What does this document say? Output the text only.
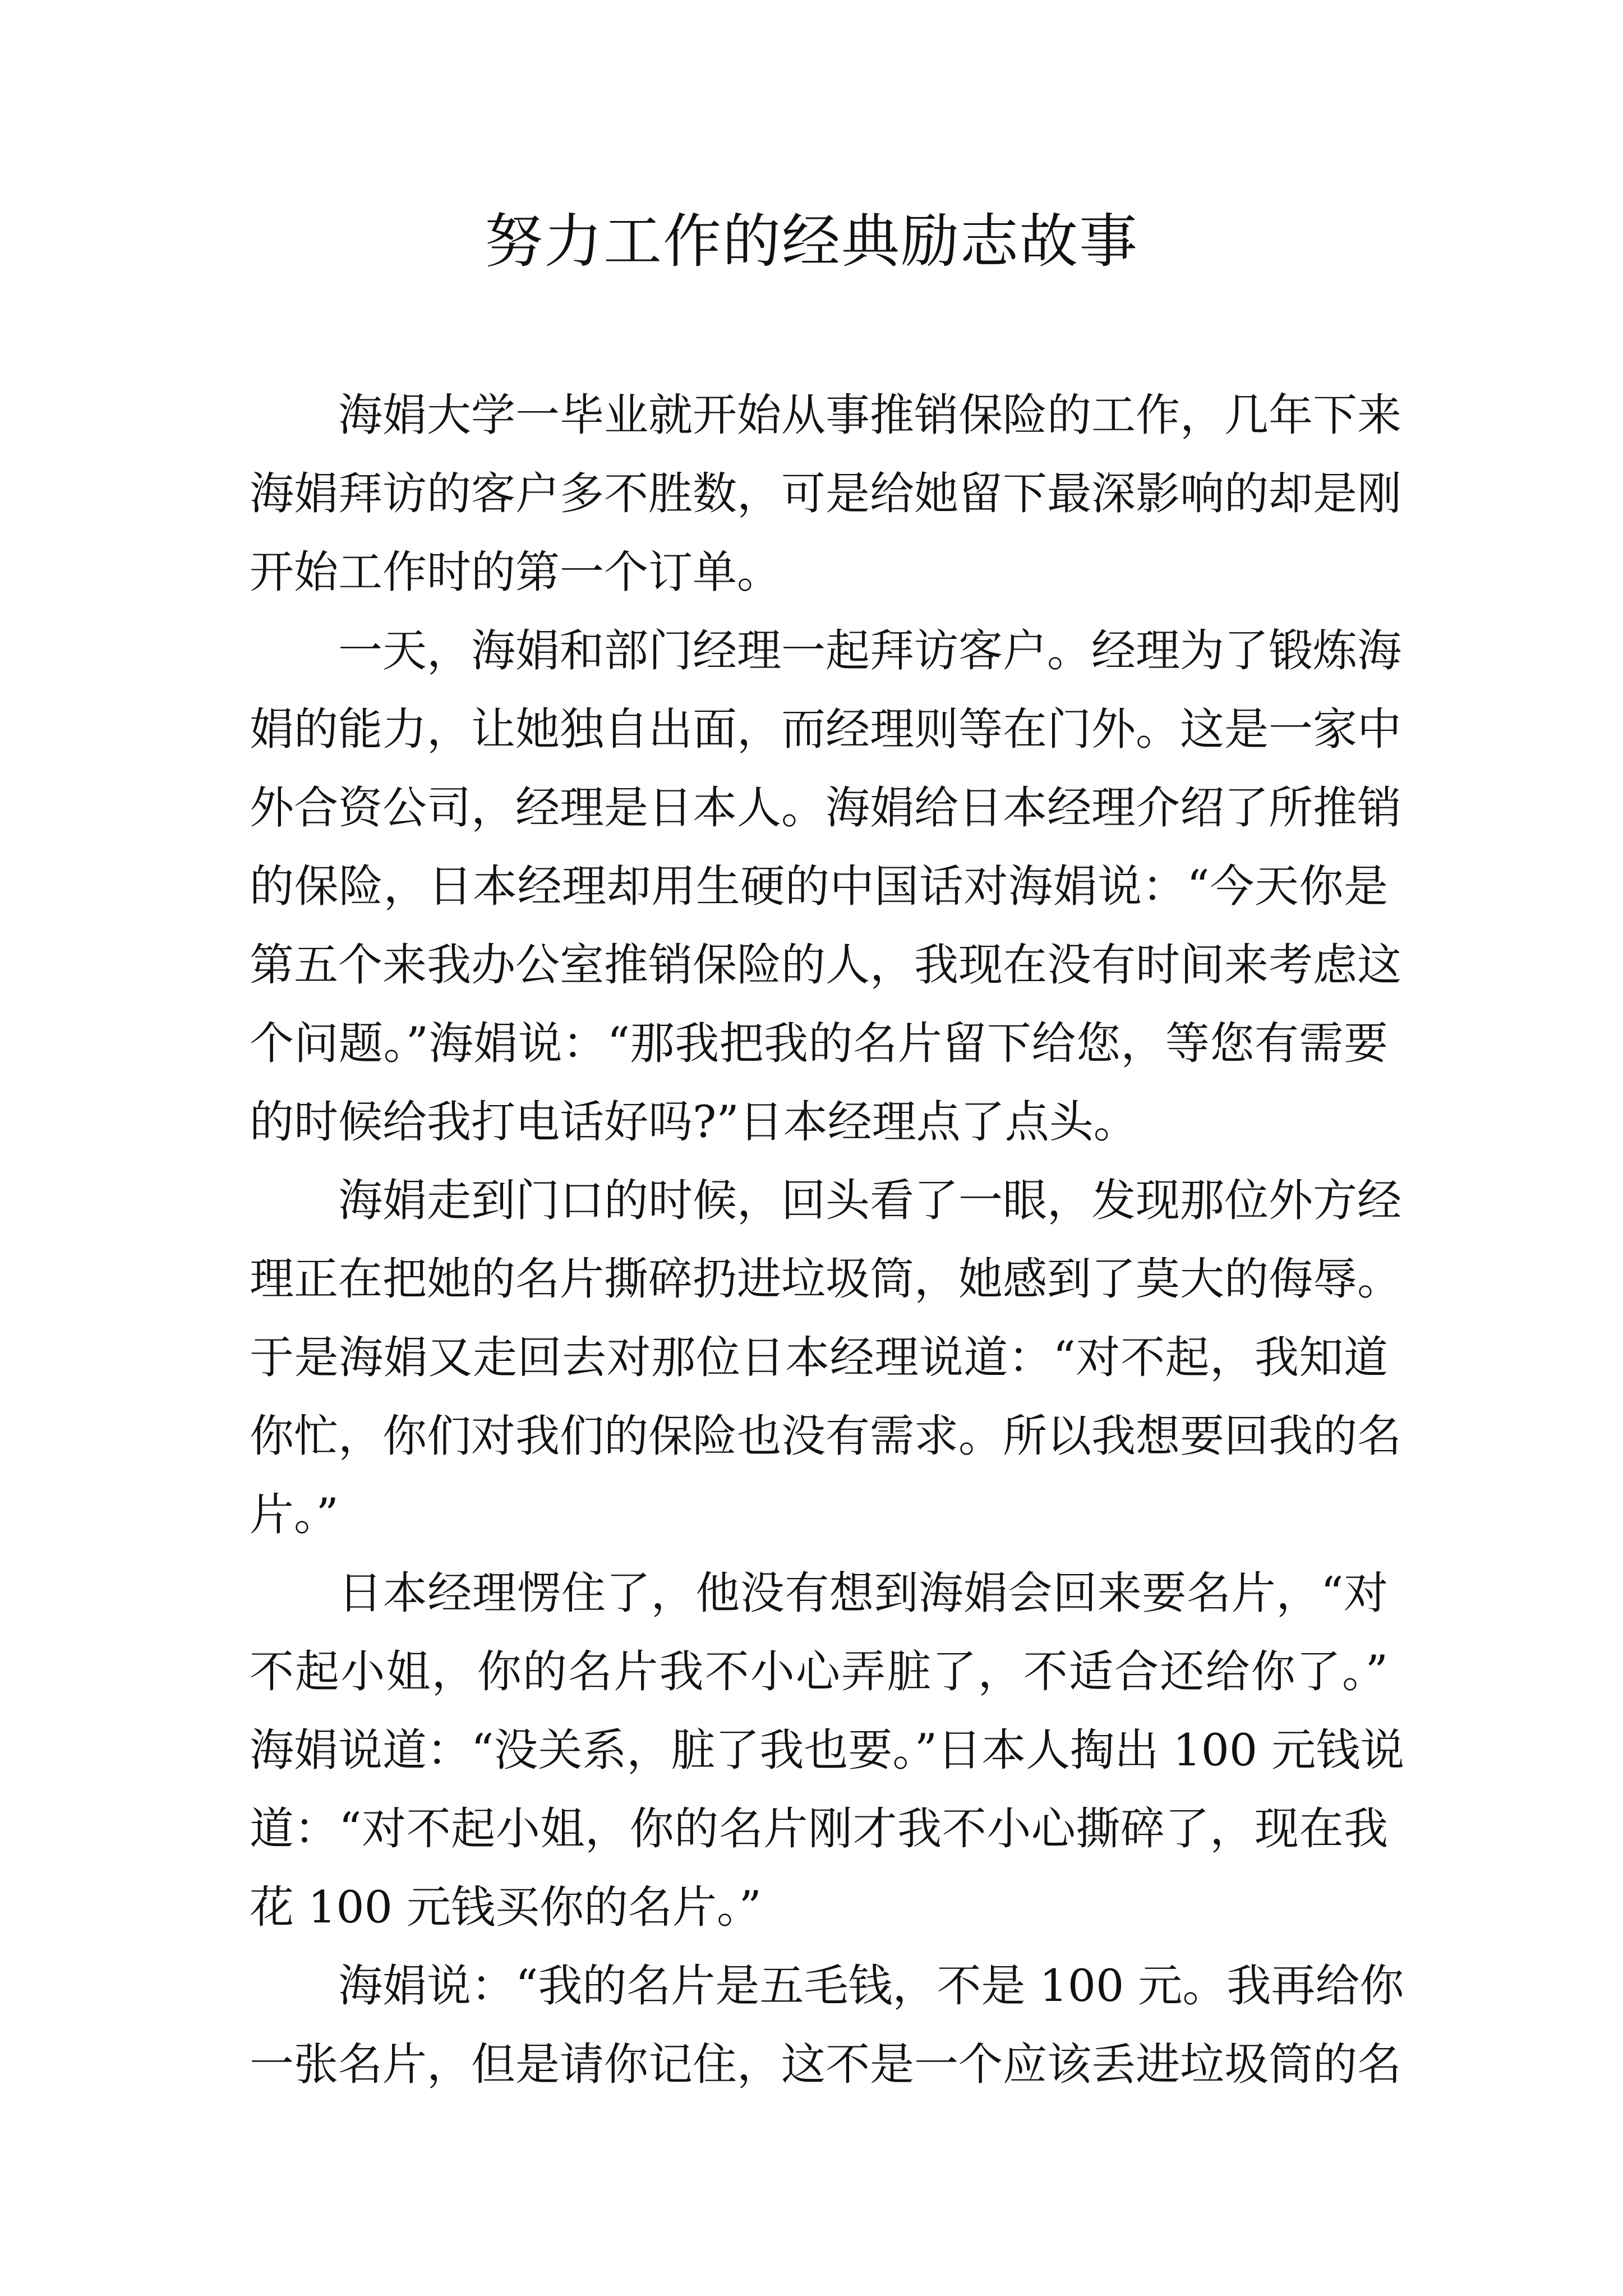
努力工作的经典励志故事
海娟大学一毕业就开始从事推销保险的工作，几年下来
海娟拜访的客户多不胜数，可是给她留下最深影响的却是刚
开始工作时的第一个订单。
一天，海娟和部门经理一起拜访客户。经理为了锻炼海
娟的能力，让她独自出面，而经理则等在门外。这是一家中
外合资公司，经理是日本人。海娟给日本经理介绍了所推销
的保险，日本经理却用生硬的中国话对海娟说：“今天你是
第五个来我办公室推销保险的人，我现在没有时间来考虑这
个问题。”海娟说：“那我把我的名片留下给您，等您有需要
的时候给我打电话好吗?”日本经理点了点头。
海娟走到门口的时候，回头看了一眼，发现那位外方经
理正在把她的名片撕碎扔进垃圾筒，她感到了莫大的侮辱。
于是海娟又走回去对那位日本经理说道：“对不起，我知道
你忙，你们对我们的保险也没有需求。所以我想要回我的名
片。”
日本经理愣住了，他没有想到海娟会回来要名片，“对
不起小姐，你的名片我不小心弄脏了，不适合还给你了。”
海娟说道：“没关系，脏了我也要。”日本人掏出 100 元钱说
道：“对不起小姐，你的名片刚才我不小心撕碎了，现在我
花 100 元钱买你的名片。”
海娟说：“我的名片是五毛钱，不是 100 元。我再给你
一张名片，但是请你记住，这不是一个应该丢进垃圾筒的名
